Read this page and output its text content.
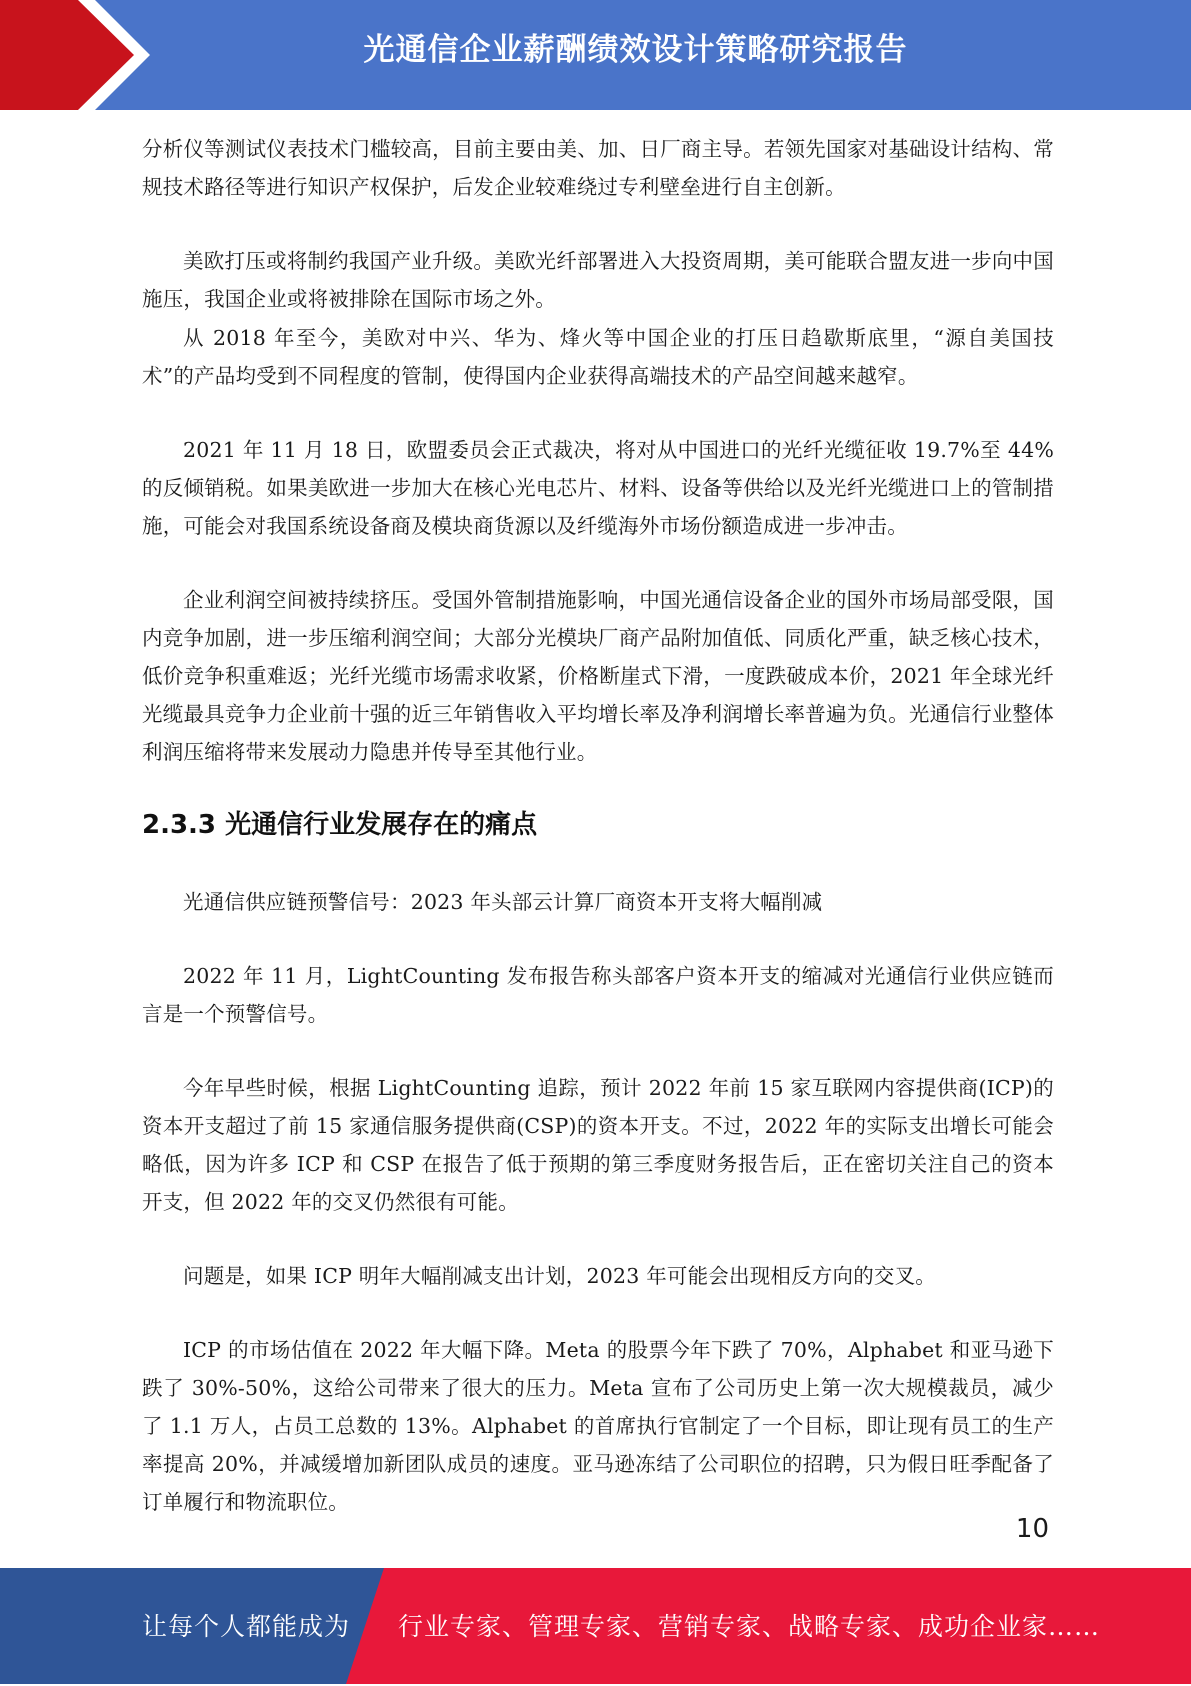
光通信企业薪酬绩效设计策略研究报告

分析仪等测试仪表技术门槛较高，目前主要由美、加、日厂商主导。若领先国家对基础设计结构、常规技术路径等进行知识产权保护，后发企业较难绕过专利壁垒进行自主创新。

美欧打压或将制约我国产业升级。美欧光纤部署进入大投资周期，美可能联合盟友进一步向中国施压，我国企业或将被排除在国际市场之外。

从 2018 年至今，美欧对中兴、华为、烽火等中国企业的打压日趋歇斯底里，“源自美国技术”的产品均受到不同程度的管制，使得国内企业获得高端技术的产品空间越来越窄。

2021 年 11 月 18 日，欧盟委员会正式裁决，将对从中国进口的光纤光缆征收 19.7%至 44%的反倾销税。如果美欧进一步加大在核心光电芯片、材料、设备等供给以及光纤光缆进口上的管制措施，可能会对我国系统设备商及模块商货源以及纤缆海外市场份额造成进一步冲击。

企业利润空间被持续挤压。受国外管制措施影响，中国光通信设备企业的国外市场局部受限，国内竞争加剧，进一步压缩利润空间；大部分光模块厂商产品附加值低、同质化严重，缺乏核心技术，低价竞争积重难返；光纤光缆市场需求收紧，价格断崖式下滑，一度跌破成本价，2021 年全球光纤光缆最具竞争力企业前十强的近三年销售收入平均增长率及净利润增长率普遍为负。光通信行业整体利润压缩将带来发展动力隐患并传导至其他行业。

2.3.3 光通信行业发展存在的痛点

光通信供应链预警信号：2023 年头部云计算厂商资本开支将大幅削减

2022 年 11 月，LightCounting 发布报告称头部客户资本开支的缩减对光通信行业供应链而言是一个预警信号。

今年早些时候，根据 LightCounting 追踪，预计 2022 年前 15 家互联网内容提供商(ICP)的资本开支超过了前 15 家通信服务提供商(CSP)的资本开支。不过，2022 年的实际支出增长可能会略低，因为许多 ICP 和 CSP 在报告了低于预期的第三季度财务报告后，正在密切关注自己的资本开支，但 2022 年的交叉仍然很有可能。

问题是，如果 ICP 明年大幅削减支出计划，2023 年可能会出现相反方向的交叉。

ICP 的市场估值在 2022 年大幅下降。Meta 的股票今年下跌了 70%，Alphabet 和亚马逊下跌了 30%-50%，这给公司带来了很大的压力。Meta 宣布了公司历史上第一次大规模裁员，减少了 1.1 万人，占员工总数的 13%。Alphabet 的首席执行官制定了一个目标，即让现有员工的生产率提高 20%，并减缓增加新团队成员的速度。亚马逊冻结了公司职位的招聘，只为假日旺季配备了订单履行和物流职位。

10
让每个人都能成为 行业专家、管理专家、营销专家、战略专家、成功企业家……
